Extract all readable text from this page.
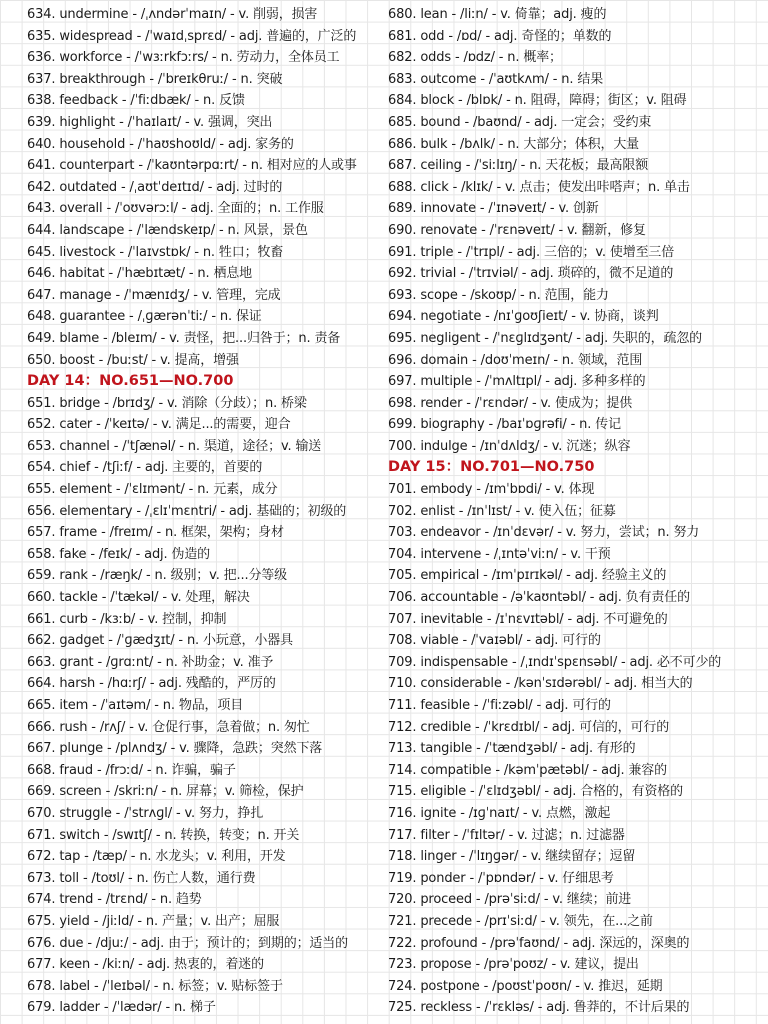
634. undermine - /ˌʌndərˈmaɪn/ - v. 削弱，损害
635. widespread - /ˈwaɪdˌsprɛd/ - adj. 普遍的，广泛的
636. workforce - /ˈwɜːrkfɔːrs/ - n. 劳动力，全体员工
637. breakthrough - /ˈbreɪkθruː/ - n. 突破
638. feedback - /ˈfiːdbæk/ - n. 反馈
639. highlight - /ˈhaɪlaɪt/ - v. 强调，突出
640. household - /ˈhaʊshoʊld/ - adj. 家务的
641. counterpart - /ˈkaʊntərpɑːrt/ - n. 相对应的人或事
642. outdated - /ˌaʊtˈdeɪtɪd/ - adj. 过时的
643. overall - /ˈoʊvərɔːl/ - adj. 全面的；n. 工作服
644. landscape - /ˈlændskeɪp/ - n. 风景，景色
645. livestock - /ˈlaɪvstɒk/ - n. 牲口；牧畜
646. habitat - /ˈhæbɪtæt/ - n. 栖息地
647. manage - /ˈmænɪdʒ/ - v. 管理，完成
648. guarantee - /ˌɡærənˈtiː/ - n. 保证
649. blame - /bleɪm/ - v. 责怪，把...归咎于；n. 责备
650. boost - /buːst/ - v. 提高，增强
DAY 14：NO.651—NO.700
651. bridge - /brɪdʒ/ - v. 消除（分歧）；n. 桥梁
652. cater - /ˈkeɪtə/ - v. 满足...的需要，迎合
653. channel - /ˈtʃænəl/ - n. 渠道，途径；v. 输送
654. chief - /tʃiːf/ - adj. 主要的，首要的
655. element - /ˈɛlɪmənt/ - n. 元素，成分
656. elementary - /ˌɛlɪˈmɛntri/ - adj. 基础的；初级的
657. frame - /freɪm/ - n. 框架，架构；身材
658. fake - /feɪk/ - adj. 伪造的
659. rank - /ræŋk/ - n. 级别；v. 把...分等级
660. tackle - /ˈtækəl/ - v. 处理，解决
661. curb - /kɜːb/ - v. 控制，抑制
662. gadget - /ˈɡædʒɪt/ - n. 小玩意，小器具
663. grant - /ɡrɑːnt/ - n. 补助金；v. 准予
664. harsh - /hɑːrʃ/ - adj. 残酷的，严厉的
665. item - /ˈaɪtəm/ - n. 物品，项目
666. rush - /rʌʃ/ - v. 仓促行事，急着做；n. 匆忙
667. plunge - /plʌndʒ/ - v. 骤降，急跌；突然下落
668. fraud - /frɔːd/ - n. 诈骗，骗子
669. screen - /skriːn/ - n. 屏幕；v. 筛检，保护
670. struggle - /ˈstrʌɡl/ - v. 努力，挣扎
671. switch - /swɪtʃ/ - n. 转换，转变；n. 开关
672. tap - /tæp/ - n. 水龙头；v. 利用，开发
673. toll - /toʊl/ - n. 伤亡人数，通行费
674. trend - /trɛnd/ - n. 趋势
675. yield - /jiːld/ - n. 产量；v. 出产；屈服
676. due - /djuː/ - adj. 由于；预计的；到期的；适当的
677. keen - /kiːn/ - adj. 热衷的，着迷的
678. label - /ˈleɪbəl/ - n. 标签；v. 贴标签于
679. ladder - /ˈlædər/ - n. 梯子
680. lean - /liːn/ - v. 倚靠；adj. 瘦的
681. odd - /ɒd/ - adj. 奇怪的；单数的
682. odds - /ɒdz/ - n. 概率；
683. outcome - /ˈaʊtkʌm/ - n. 结果
684. block - /blɒk/ - n. 阻碍，障碍；街区；v. 阻碍
685. bound - /baʊnd/ - adj. 一定会；受约束
686. bulk - /bʌlk/ - n. 大部分；体积，大量
687. ceiling - /ˈsiːlɪŋ/ - n. 天花板；最高限额
688. click - /klɪk/ - v. 点击；使发出咔嗒声；n. 单击
689. innovate - /ˈɪnəveɪt/ - v. 创新
690. renovate - /ˈrɛnəveɪt/ - v. 翻新，修复
691. triple - /ˈtrɪpl/ - adj. 三倍的；v. 使增至三倍
692. trivial - /ˈtrɪviəl/ - adj. 琐碎的，微不足道的
693. scope - /skoʊp/ - n. 范围，能力
694. negotiate - /nɪˈɡoʊʃieɪt/ - v. 协商，谈判
695. negligent - /ˈnɛɡlɪdʒənt/ - adj. 失职的，疏忽的
696. domain - /doʊˈmeɪn/ - n. 领域，范围
697. multiple - /ˈmʌltɪpl/ - adj. 多种多样的
698. render - /ˈrɛndər/ - v. 使成为；提供
699. biography - /baɪˈɒɡrəfi/ - n. 传记
700. indulge - /ɪnˈdʌldʒ/ - v. 沉迷；纵容
DAY 15：NO.701—NO.750
701. embody - /ɪmˈbɒdi/ - v. 体现
702. enlist - /ɪnˈlɪst/ - v. 使入伍；征募
703. endeavor - /ɪnˈdɛvər/ - v. 努力，尝试；n. 努力
704. intervene - /ˌɪntəˈviːn/ - v. 干预
705. empirical - /ɪmˈpɪrɪkəl/ - adj. 经验主义的
706. accountable - /əˈkaʊntəbl/ - adj. 负有责任的
707. inevitable - /ɪˈnɛvɪtəbl/ - adj. 不可避免的
708. viable - /ˈvaɪəbl/ - adj. 可行的
709. indispensable - /ˌɪndɪˈspɛnsəbl/ - adj. 必不可少的
710. considerable - /kənˈsɪdərəbl/ - adj. 相当大的
711. feasible - /ˈfiːzəbl/ - adj. 可行的
712. credible - /ˈkrɛdɪbl/ - adj. 可信的，可行的
713. tangible - /ˈtændʒəbl/ - adj. 有形的
714. compatible - /kəmˈpætəbl/ - adj. 兼容的
715. eligible - /ˈɛlɪdʒəbl/ - adj. 合格的，有资格的
716. ignite - /ɪɡˈnaɪt/ - v. 点燃，激起
717. filter - /ˈfɪltər/ - v. 过滤；n. 过滤器
718. linger - /ˈlɪŋɡər/ - v. 继续留存；逗留
719. ponder - /ˈpɒndər/ - v. 仔细思考
720. proceed - /prəˈsiːd/ - v. 继续；前进
721. precede - /prɪˈsiːd/ - v. 领先，在...之前
722. profound - /prəˈfaʊnd/ - adj. 深远的，深奥的
723. propose - /prəˈpoʊz/ - v. 建议，提出
724. postpone - /poʊstˈpoʊn/ - v. 推迟，延期
725. reckless - /ˈrɛkləs/ - adj. 鲁莽的，不计后果的
